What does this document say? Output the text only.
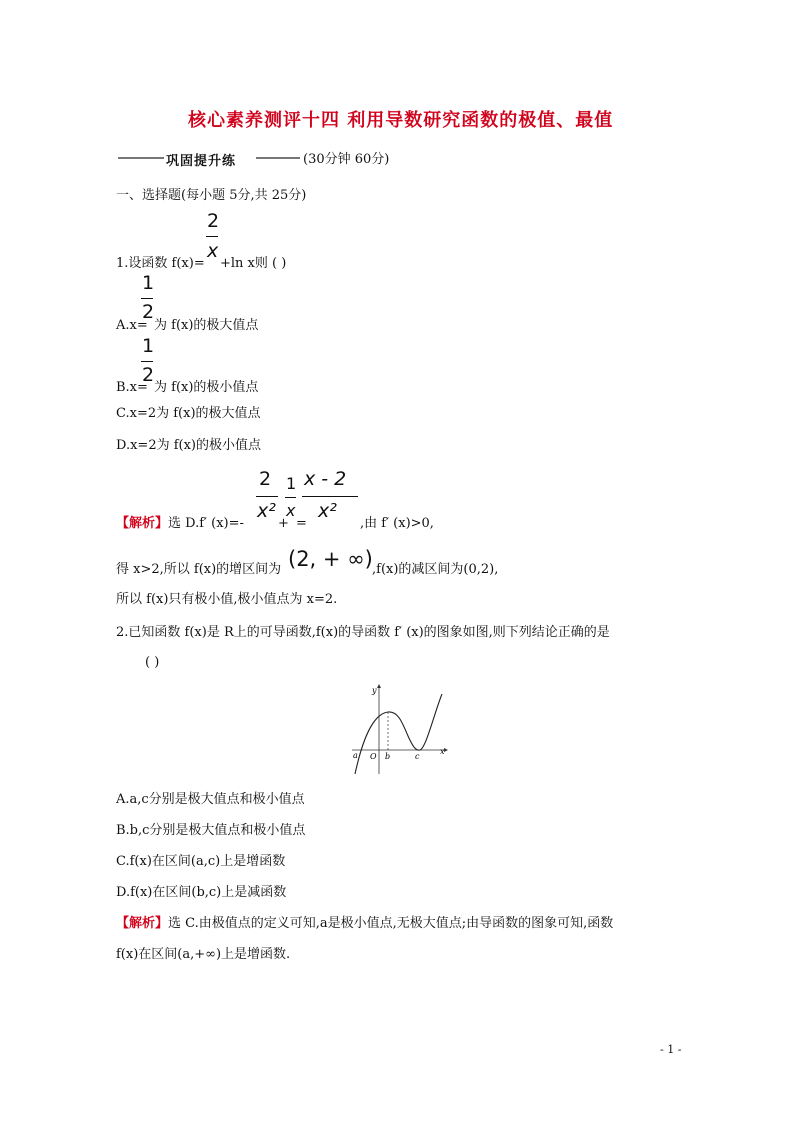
核心素养测评十四 利用导数研究函数的极值、最值
巩固提升练	(30分钟 60分)
一、选择题(每小题 5分,共 25分)
2
x
1.设函数 f(x)= +ln x则 ( )
1
2
A.x= 为 f(x)的极大值点
1
2
B.x= 为 f(x)的极小值点
C.x=2为 f(x)的极大值点
D.x=2为 f(x)的极小值点
2
x²
1
x
x - 2
x²
【解析】 选 D.f′ (x)=-	+ =	,由 f′ (x)>0,
得 x>2,所以 f(x)的增区间为 (2, + ∞) ,f(x)的减区间为(0,2),
所以 f(x)只有极小值,极小值点为 x=2.
2.已知函数 f(x)是 R上的可导函数,f(x)的导函数 f′ (x)的图象如图,则下列结论正确的是
( )
y
x
a O b	c
A.a,c分别是极大值点和极小值点
B.b,c分别是极大值点和极小值点
C.f(x)在区间(a,c)上是增函数
D.f(x)在区间(b,c)上是减函数
【解析】 选 C.由极值点的定义可知,a是极小值点,无极大值点;由导函数的图象可知,函数
f(x)在区间(a,+∞)上是增函数.
- 1 -
